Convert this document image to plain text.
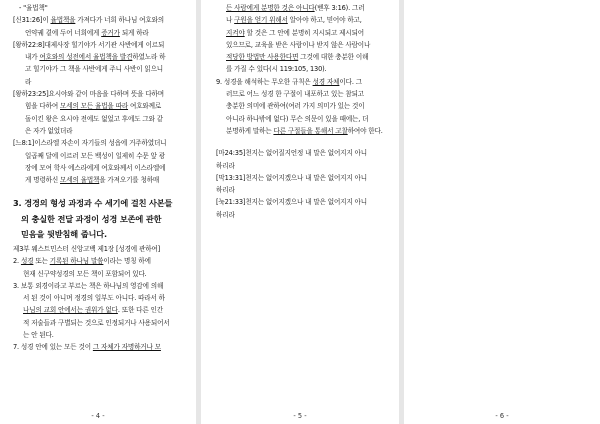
- "율법책"
[신31:26]이 율법책을 가져다가 너희 하나님 여호와의
언약궤 곁에 두어 너희에게 증거가 되게 하라
[왕하22:8]대제사장 힐기야가 서기관 사반에게 이르되
내가 여호와의 성전에서 율법책을 발견하였노라 하
고 힐기야가 그 책을 사반에게 주니 사반이 읽으니
라
[왕하23:25]요시야와 같이 마음을 다하며 뜻을 다하며
힘을 다하여 모세의 모든 율법을 따라 여호와께로
돌이킨 왕은 요시야 전에도 없었고 후에도 그와 같
은 자가 없었더라
[느8:1]이스라엘 자손이 자기들의 성읍에 거주하였더니
일곱째 달에 이르러 모든 백성이 일제히 수문 앞 광
장에 모여 학사 에스라에게 여호와께서 이스라엘에
게 명령하신 모세의 율법책을 가져오기를 청하매
3. 경경의 형성 과정과 수 세기에 걸친 사본들
의 충실한 전달 과정이 성경 보존에 관한
믿음을 뒷받침해 줍니다.
제3부 웨스트민스터 신앙고백 제1장 [성경에 관하여]
2. 성경 또는 기록된 하나님 말씀이라는 명칭 하에
현재 신구약성경의 모든 책이 포함되어 있다.
3. 보통 외경이라고 부르는 책은 하나님의 영감에 의해
서 된 것이 아니며 정경의 일부도 아니다. 따라서 하
나님의 교회 안에서는 권위가 없다. 또한 다른 인간
적 저술들과 구별되는 것으로 인정되거나 사용되어서
는 안 된다.
7. 성경 안에 있는 모든 것이 그 자체가 자명하거나 모
- 4 -
든 사람에게 분명한 것은 아니다(벧후 3:16). 그러
나 구원을 얻기 위해서 알아야 하고, 믿어야 하고,
지켜야 할 것은 그 안에 분명히 지시되고 제시되어
있으므로, 교육을 받은 사람이나 받지 않은 사람이나
적당한 방법만 사용한다면 그것에 대한 충분한 이해
를 가질 수 있다(시 119:105, 130).
9. 성경을 해석하는 무오한 규칙은 성경 자체이다. 그
러므로 어느 성경 한 구절이 내포하고 있는 참되고
충분한 의미에 관하여(여러 가지 의미가 있는 것이
아니라 하나밖에 없다) 무슨 의문이 있을 때에는, 더
분명하게 말하는 다른 구절들을 통해서 고찰하여야 한다.
[마24:35]천지는 없어질지언정 내 말은 없어지지 아니
하리라
[막13:31]천지는 없어지겠으나 내 말은 없어지지 아니
하리라
[눅21:33]천지는 없어지겠으나 내 말은 없어지지 아니
하리라
- 5 -	- 6 -
